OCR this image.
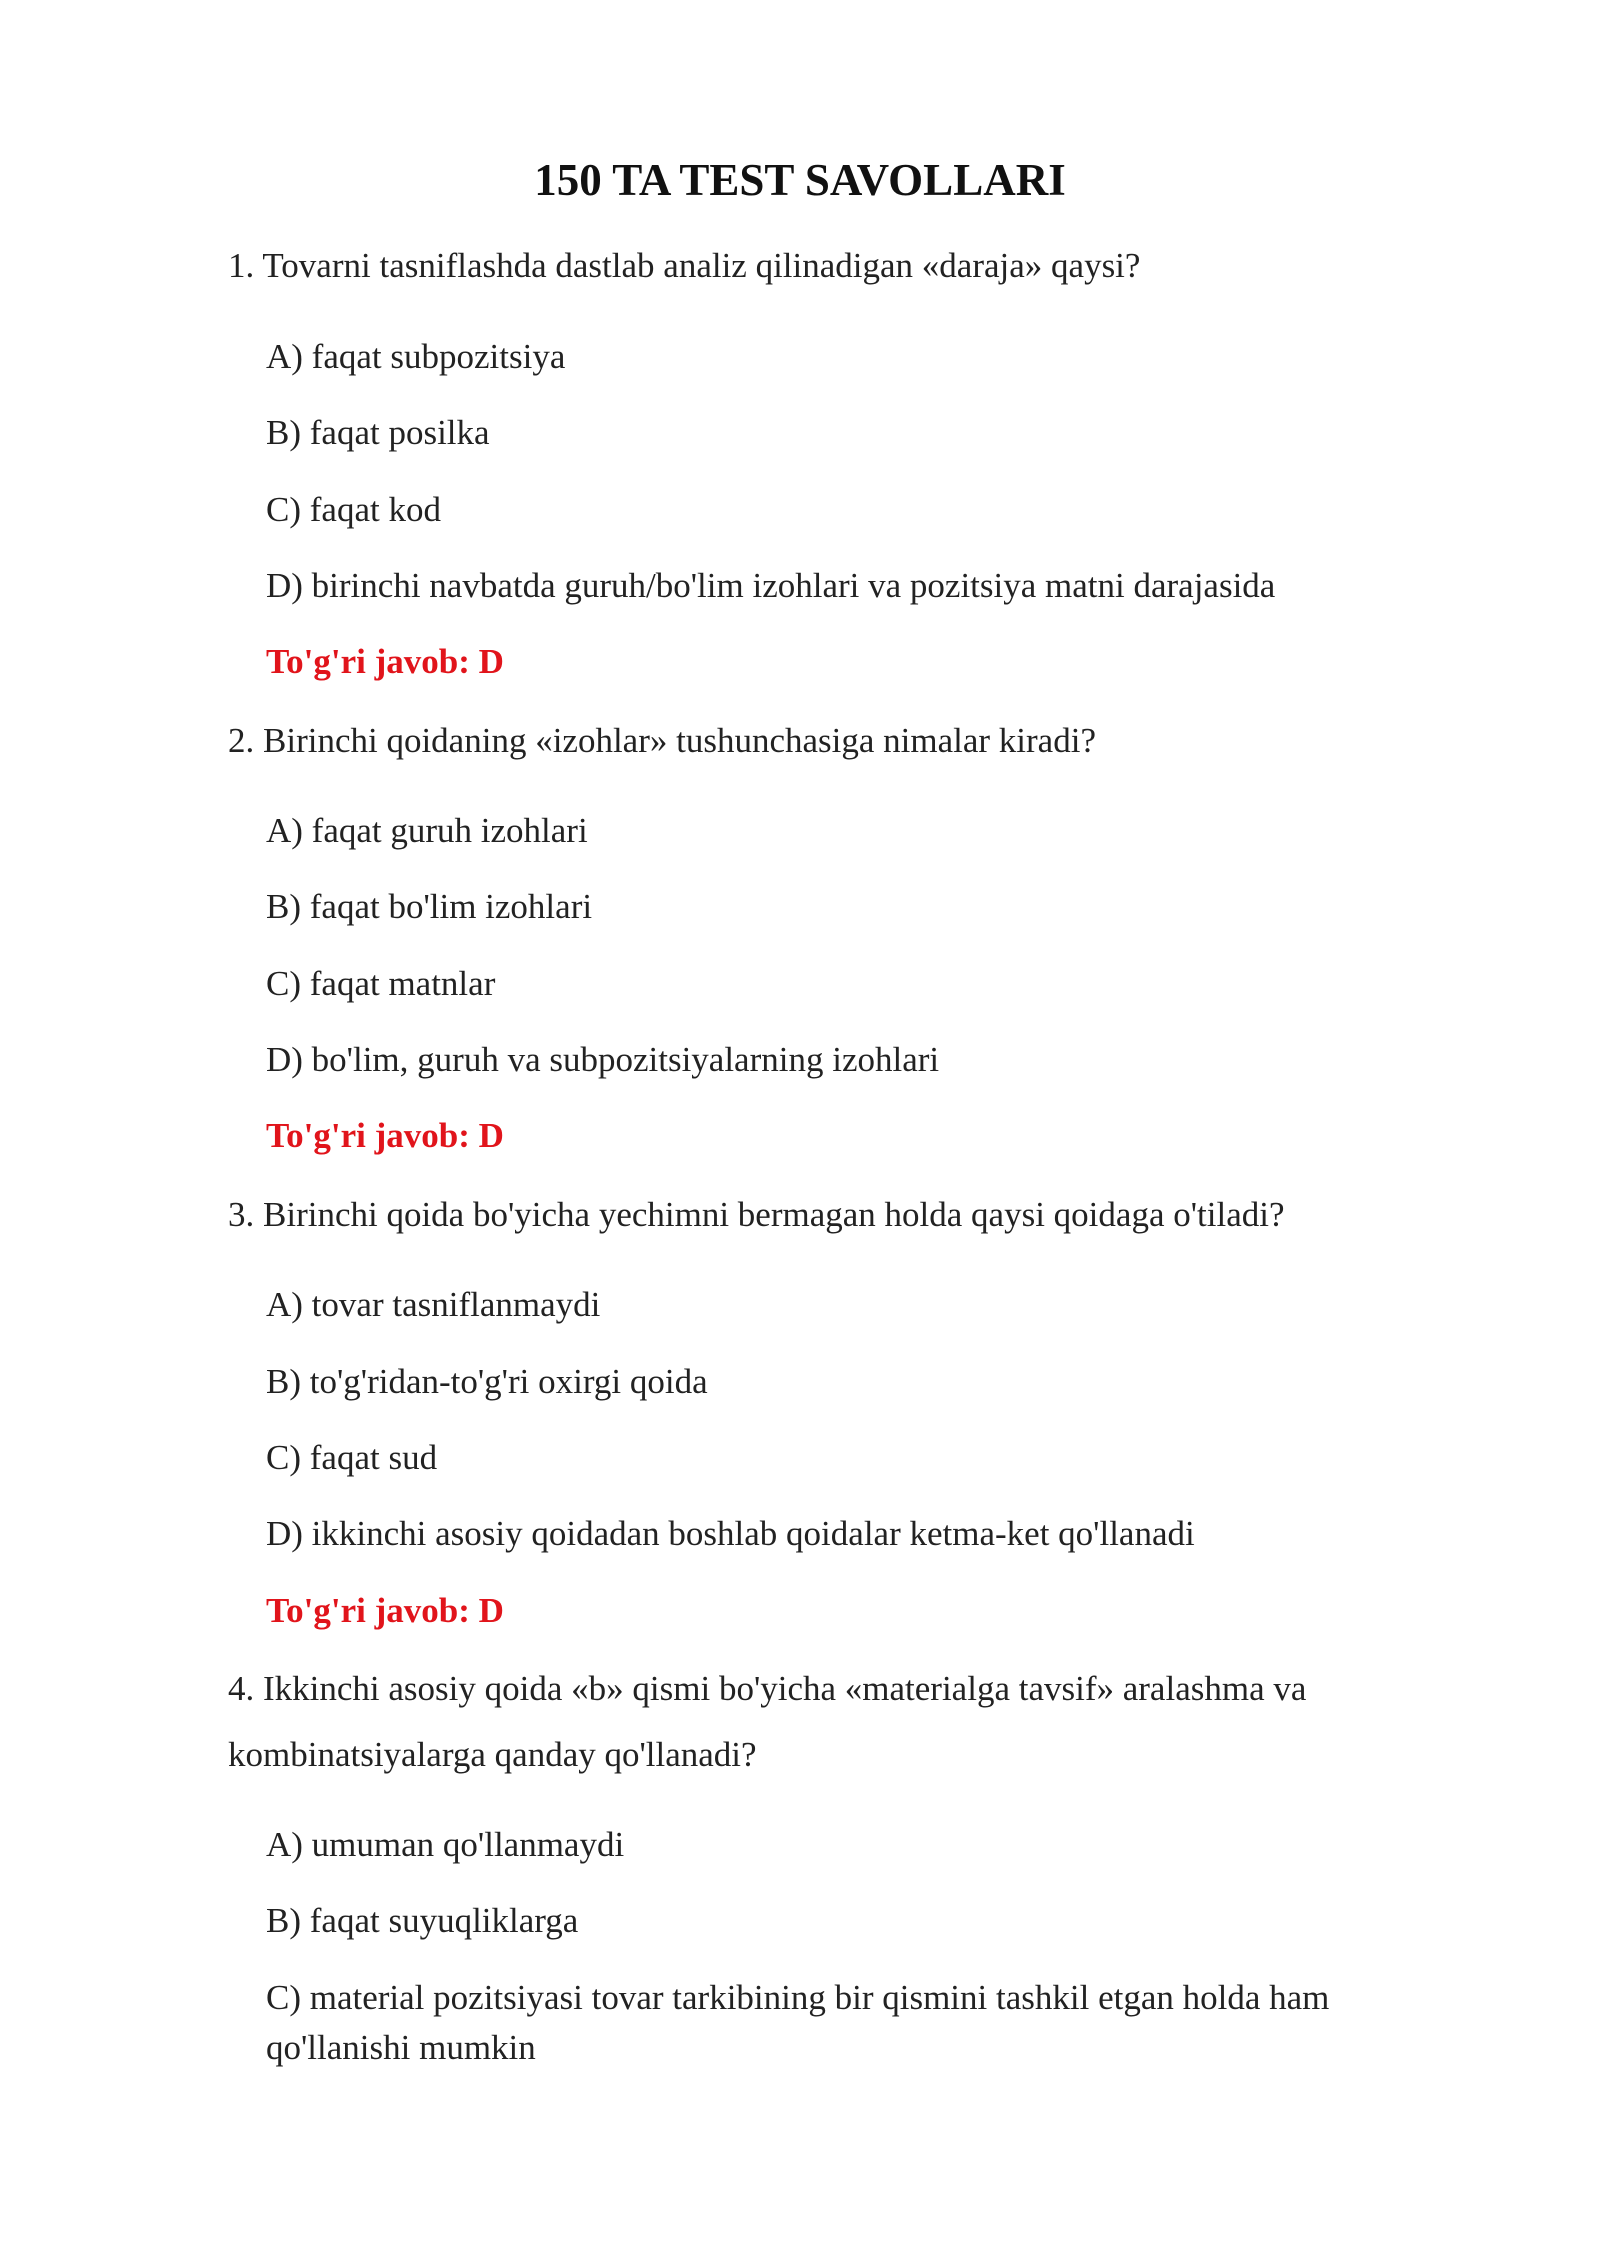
150 TA TEST SAVOLLARI
1. Tovarni tasniflashda dastlab analiz qilinadigan «daraja» qaysi?
A) faqat subpozitsiya
B) faqat posilka
C) faqat kod
D) birinchi navbatda guruh/bo'lim izohlari va pozitsiya matni darajasida
To'g'ri javob: D
2. Birinchi qoidaning «izohlar» tushunchasiga nimalar kiradi?
A) faqat guruh izohlari
B) faqat bo'lim izohlari
C) faqat matnlar
D) bo'lim, guruh va subpozitsiyalarning izohlari
To'g'ri javob: D
3. Birinchi qoida bo'yicha yechimni bermagan holda qaysi qoidaga o'tiladi?
A) tovar tasniflanmaydi
B) to'g'ridan-to'g'ri oxirgi qoida
C) faqat sud
D) ikkinchi asosiy qoidadan boshlab qoidalar ketma-ket qo'llanadi
To'g'ri javob: D
4. Ikkinchi asosiy qoida «b» qismi bo'yicha «materialga tavsif» aralashma va kombinatsiyalarga qanday qo'llanadi?
A) umuman qo'llanmaydi
B) faqat suyuqliklarga
C) material pozitsiyasi tovar tarkibining bir qismini tashkil etgan holda ham qo'llanishi mumkin
